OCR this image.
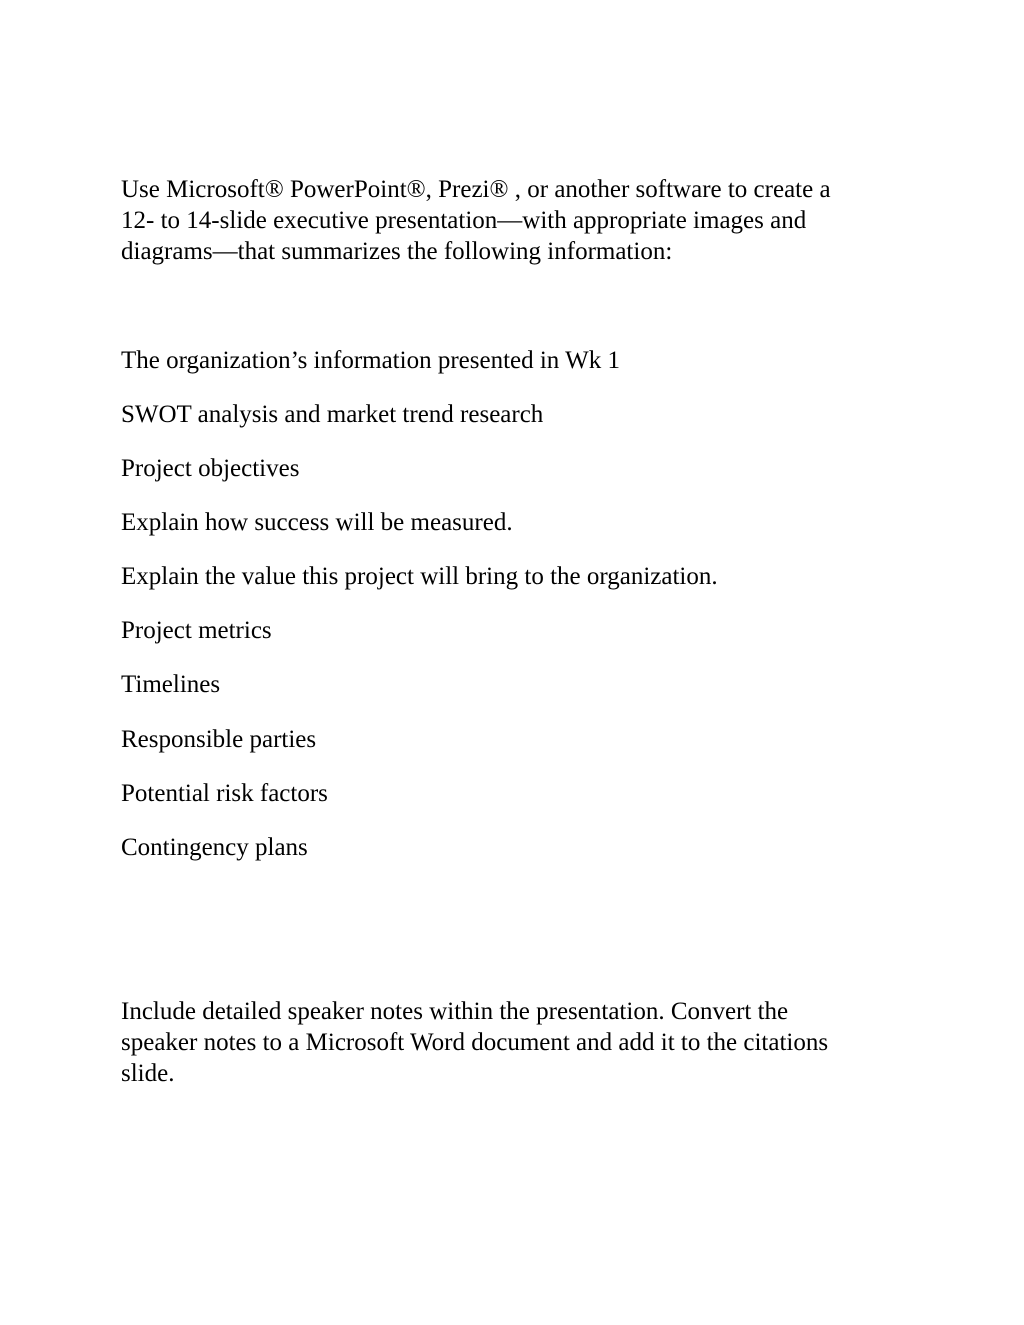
Use Microsoft® PowerPoint®, Prezi® , or another software to create a
12- to 14-slide executive presentation—with appropriate images and
diagrams—that summarizes the following information:

The organization’s information presented in Wk 1

SWOT analysis and market trend research

Project objectives

Explain how success will be measured.

Explain the value this project will bring to the organization.

Project metrics

Timelines

Responsible parties

Potential risk factors

Contingency plans

Include detailed speaker notes within the presentation. Convert the
speaker notes to a Microsoft Word document and add it to the citations
slide.
